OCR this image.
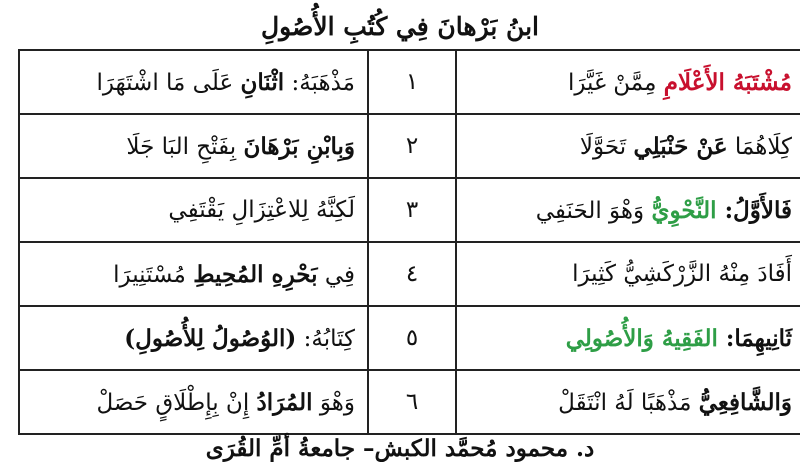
ابنُ بَرْهانَ فِي كُتُبِ الأُصُولِ
مُشْتَبَهُ الأَعْلَامِ مِمَّنْ غَيَّرَا	١	مَذْهَبَهُ: اثْنَانِ عَلَى مَا اشْتَهَرَا
كِلَاهُمَا عَنْ حَنْبَلِي تَحَوَّلَا	٢	وَبِابْنِ بَرْهَانَ بِفَتْحِ البَا جَلَا
فَالأَوَّلُ: النَّحْوِيُّ وَهْوَ الحَنَفِي	٣	لَكِنَّهُ لِلاعْتِزَالِ يَقْتَفِي
أَفَادَ مِنْهُ الزَّرْكَشِيُّ كَثِيرَا	٤	فِي بَحْرِهِ المُحِيطِ مُسْتَنِيرَا
ثَانِيهِمَا: الفَقِيهُ وَالأُصُولِي	٥	كِتَابُهُ: (الوُصُولُ لِلأُصُولِ)
وَالشَّافِعِيُّ مَذْهَبًا لَهُ انْتَقَلْ	٦	وَهْوَ المُرَادُ إِنْ بِإِطْلَاقٍ حَصَلْ
د. محمود مُحمَّد الكبش– جامعةُ أمِّ القُرَى
